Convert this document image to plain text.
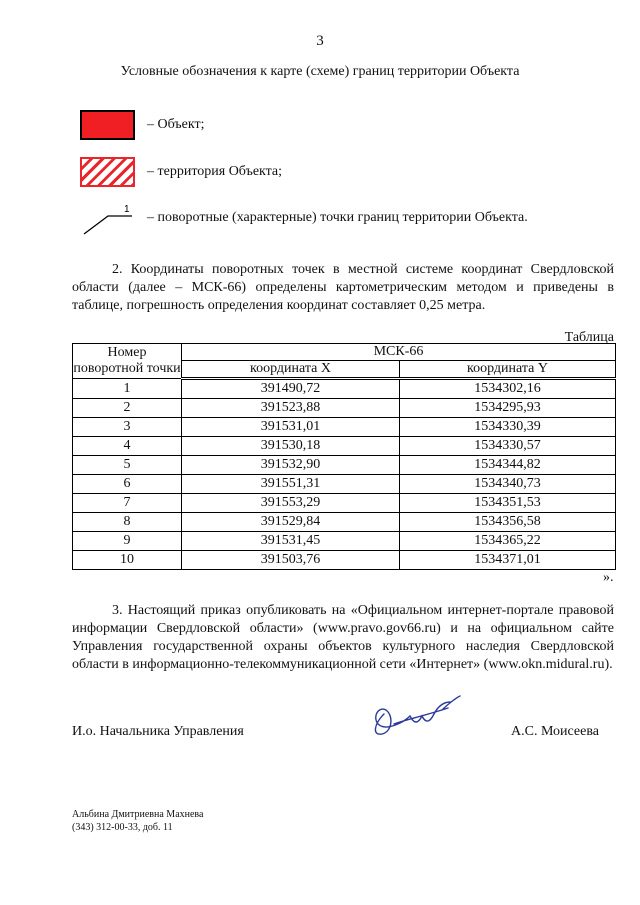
3
Условные обозначения к карте (схеме) границ территории Объекта
– Объект;
– территория Объекта;
1
– поворотные (характерные) точки границ территории Объекта.
2. Координаты поворотных точек в местной системе координат Свердловской области (далее – МСК-66) определены картометрическим методом и приведены в таблице, погрешность определения координат составляет 0,25 метра.
Таблица
Номер поворотной точки	МСК-66	
	координата X	координата Y
1	391490,72	1534302,16
2	391523,88	1534295,93
3	391531,01	1534330,39
4	391530,18	1534330,57
5	391532,90	1534344,82
6	391551,31	1534340,73
7	391553,29	1534351,53
8	391529,84	1534356,58
9	391531,45	1534365,22
10	391503,76	1534371,01
».
3. Настоящий приказ опубликовать на «Официальном интернет-портале правовой информации Свердловской области» (www.pravo.gov66.ru) и на официальном сайте Управления государственной охраны объектов культурного наследия Свердловской области в информационно-телекоммуникационной сети «Интернет» (www.okn.midural.ru).
И.о. Начальника Управления	А.С. Моисеева
Альбина Дмитриевна Махнева
(343) 312-00-33, доб. 11
